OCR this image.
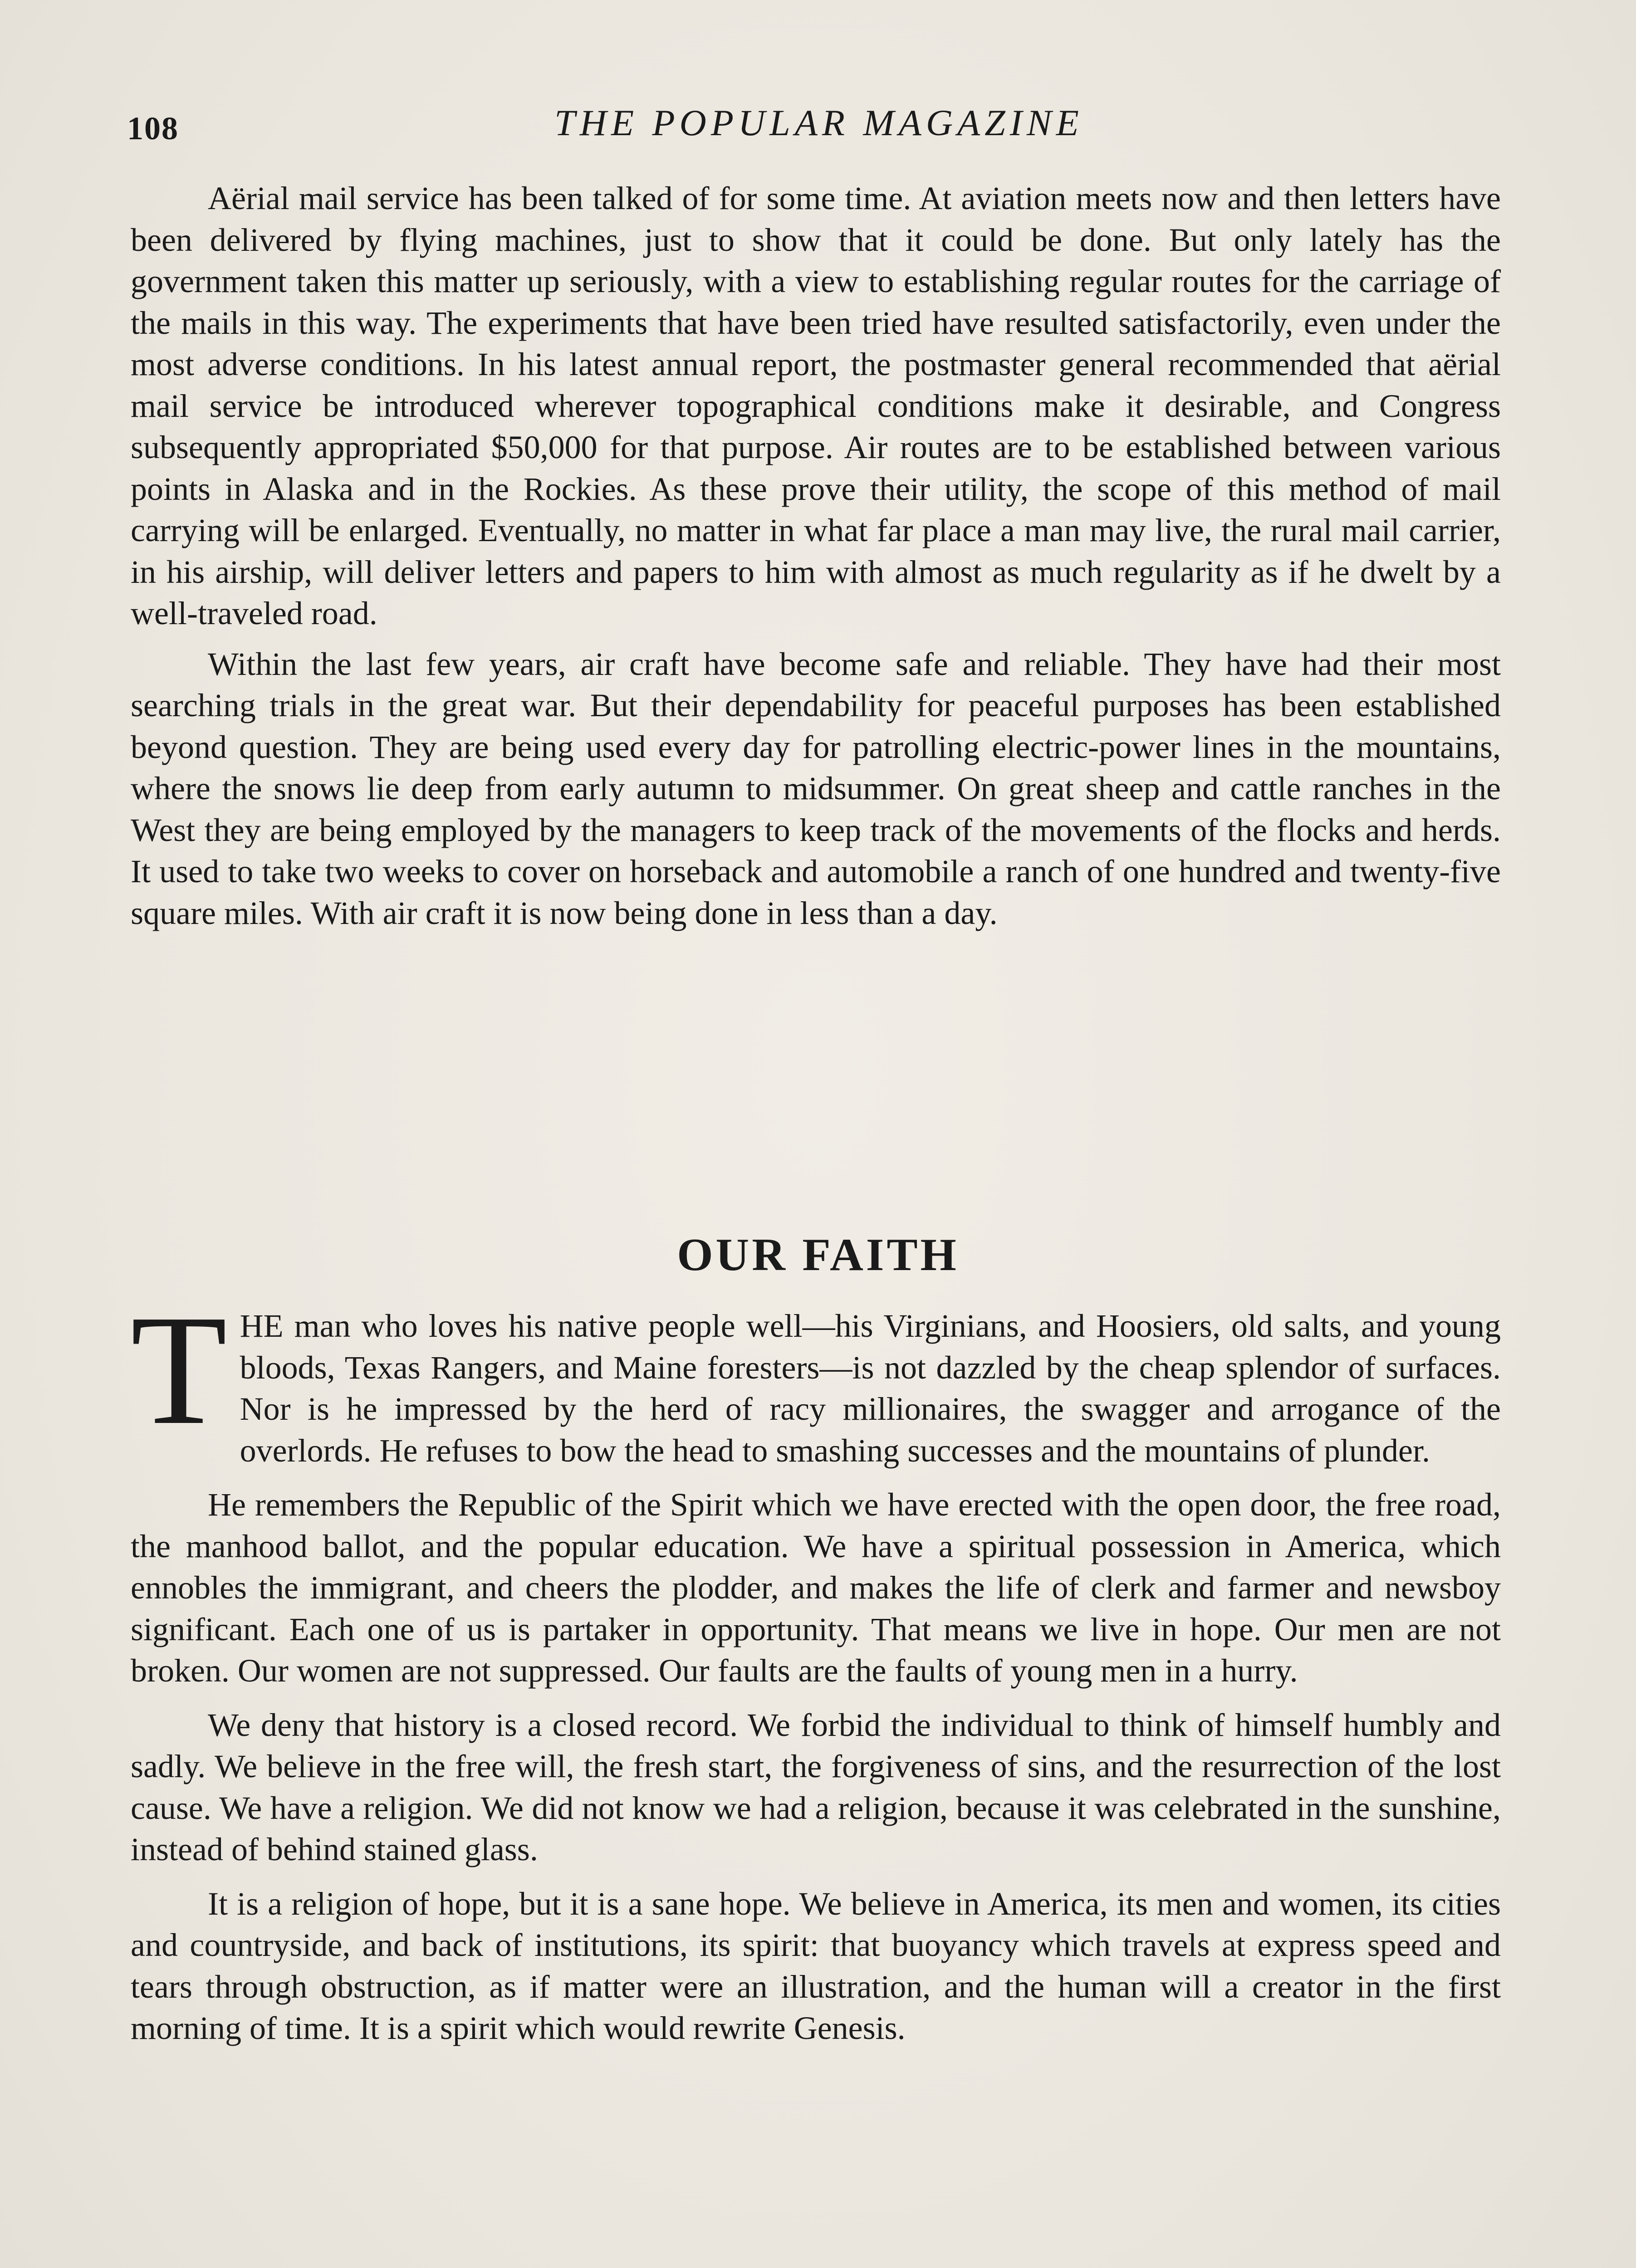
108	THE POPULAR MAGAZINE

Aërial mail service has been talked of for some time. At aviation meets now and then letters have been delivered by flying machines, just to show that it could be done. But only lately has the government taken this matter up seriously, with a view to establishing regular routes for the carriage of the mails in this way. The experiments that have been tried have resulted satisfactorily, even under the most adverse conditions. In his latest annual report, the postmaster general recommended that aërial mail service be introduced wherever topographical conditions make it desirable, and Congress subsequently appropriated $50,000 for that purpose. Air routes are to be established between various points in Alaska and in the Rockies. As these prove their utility, the scope of this method of mail carrying will be enlarged. Eventually, no matter in what far place a man may live, the rural mail carrier, in his airship, will deliver letters and papers to him with almost as much regularity as if he dwelt by a well-traveled road.

Within the last few years, air craft have become safe and reliable. They have had their most searching trials in the great war. But their dependability for peaceful purposes has been established beyond question. They are being used every day for patrolling electric-power lines in the mountains, where the snows lie deep from early autumn to midsummer. On great sheep and cattle ranches in the West they are being employed by the managers to keep track of the movements of the flocks and herds. It used to take two weeks to cover on horseback and automobile a ranch of one hundred and twenty-five square miles. With air craft it is now being done in less than a day.

OUR FAITH

THE man who loves his native people well—his Virginians, and Hoosiers, old salts, and young bloods, Texas Rangers, and Maine foresters—is not dazzled by the cheap splendor of surfaces. Nor is he impressed by the herd of racy millionaires, the swagger and arrogance of the overlords. He refuses to bow the head to smashing successes and the mountains of plunder.

He remembers the Republic of the Spirit which we have erected with the open door, the free road, the manhood ballot, and the popular education. We have a spiritual possession in America, which ennobles the immigrant, and cheers the plodder, and makes the life of clerk and farmer and newsboy significant. Each one of us is partaker in opportunity. That means we live in hope. Our men are not broken. Our women are not suppressed. Our faults are the faults of young men in a hurry.

We deny that history is a closed record. We forbid the individual to think of himself humbly and sadly. We believe in the free will, the fresh start, the forgiveness of sins, and the resurrection of the lost cause. We have a religion. We did not know we had a religion, because it was celebrated in the sunshine, instead of behind stained glass.

It is a religion of hope, but it is a sane hope. We believe in America, its men and women, its cities and countryside, and back of institutions, its spirit: that buoyancy which travels at express speed and tears through obstruction, as if matter were an illustration, and the human will a creator in the first morning of time. It is a spirit which would rewrite Genesis.
